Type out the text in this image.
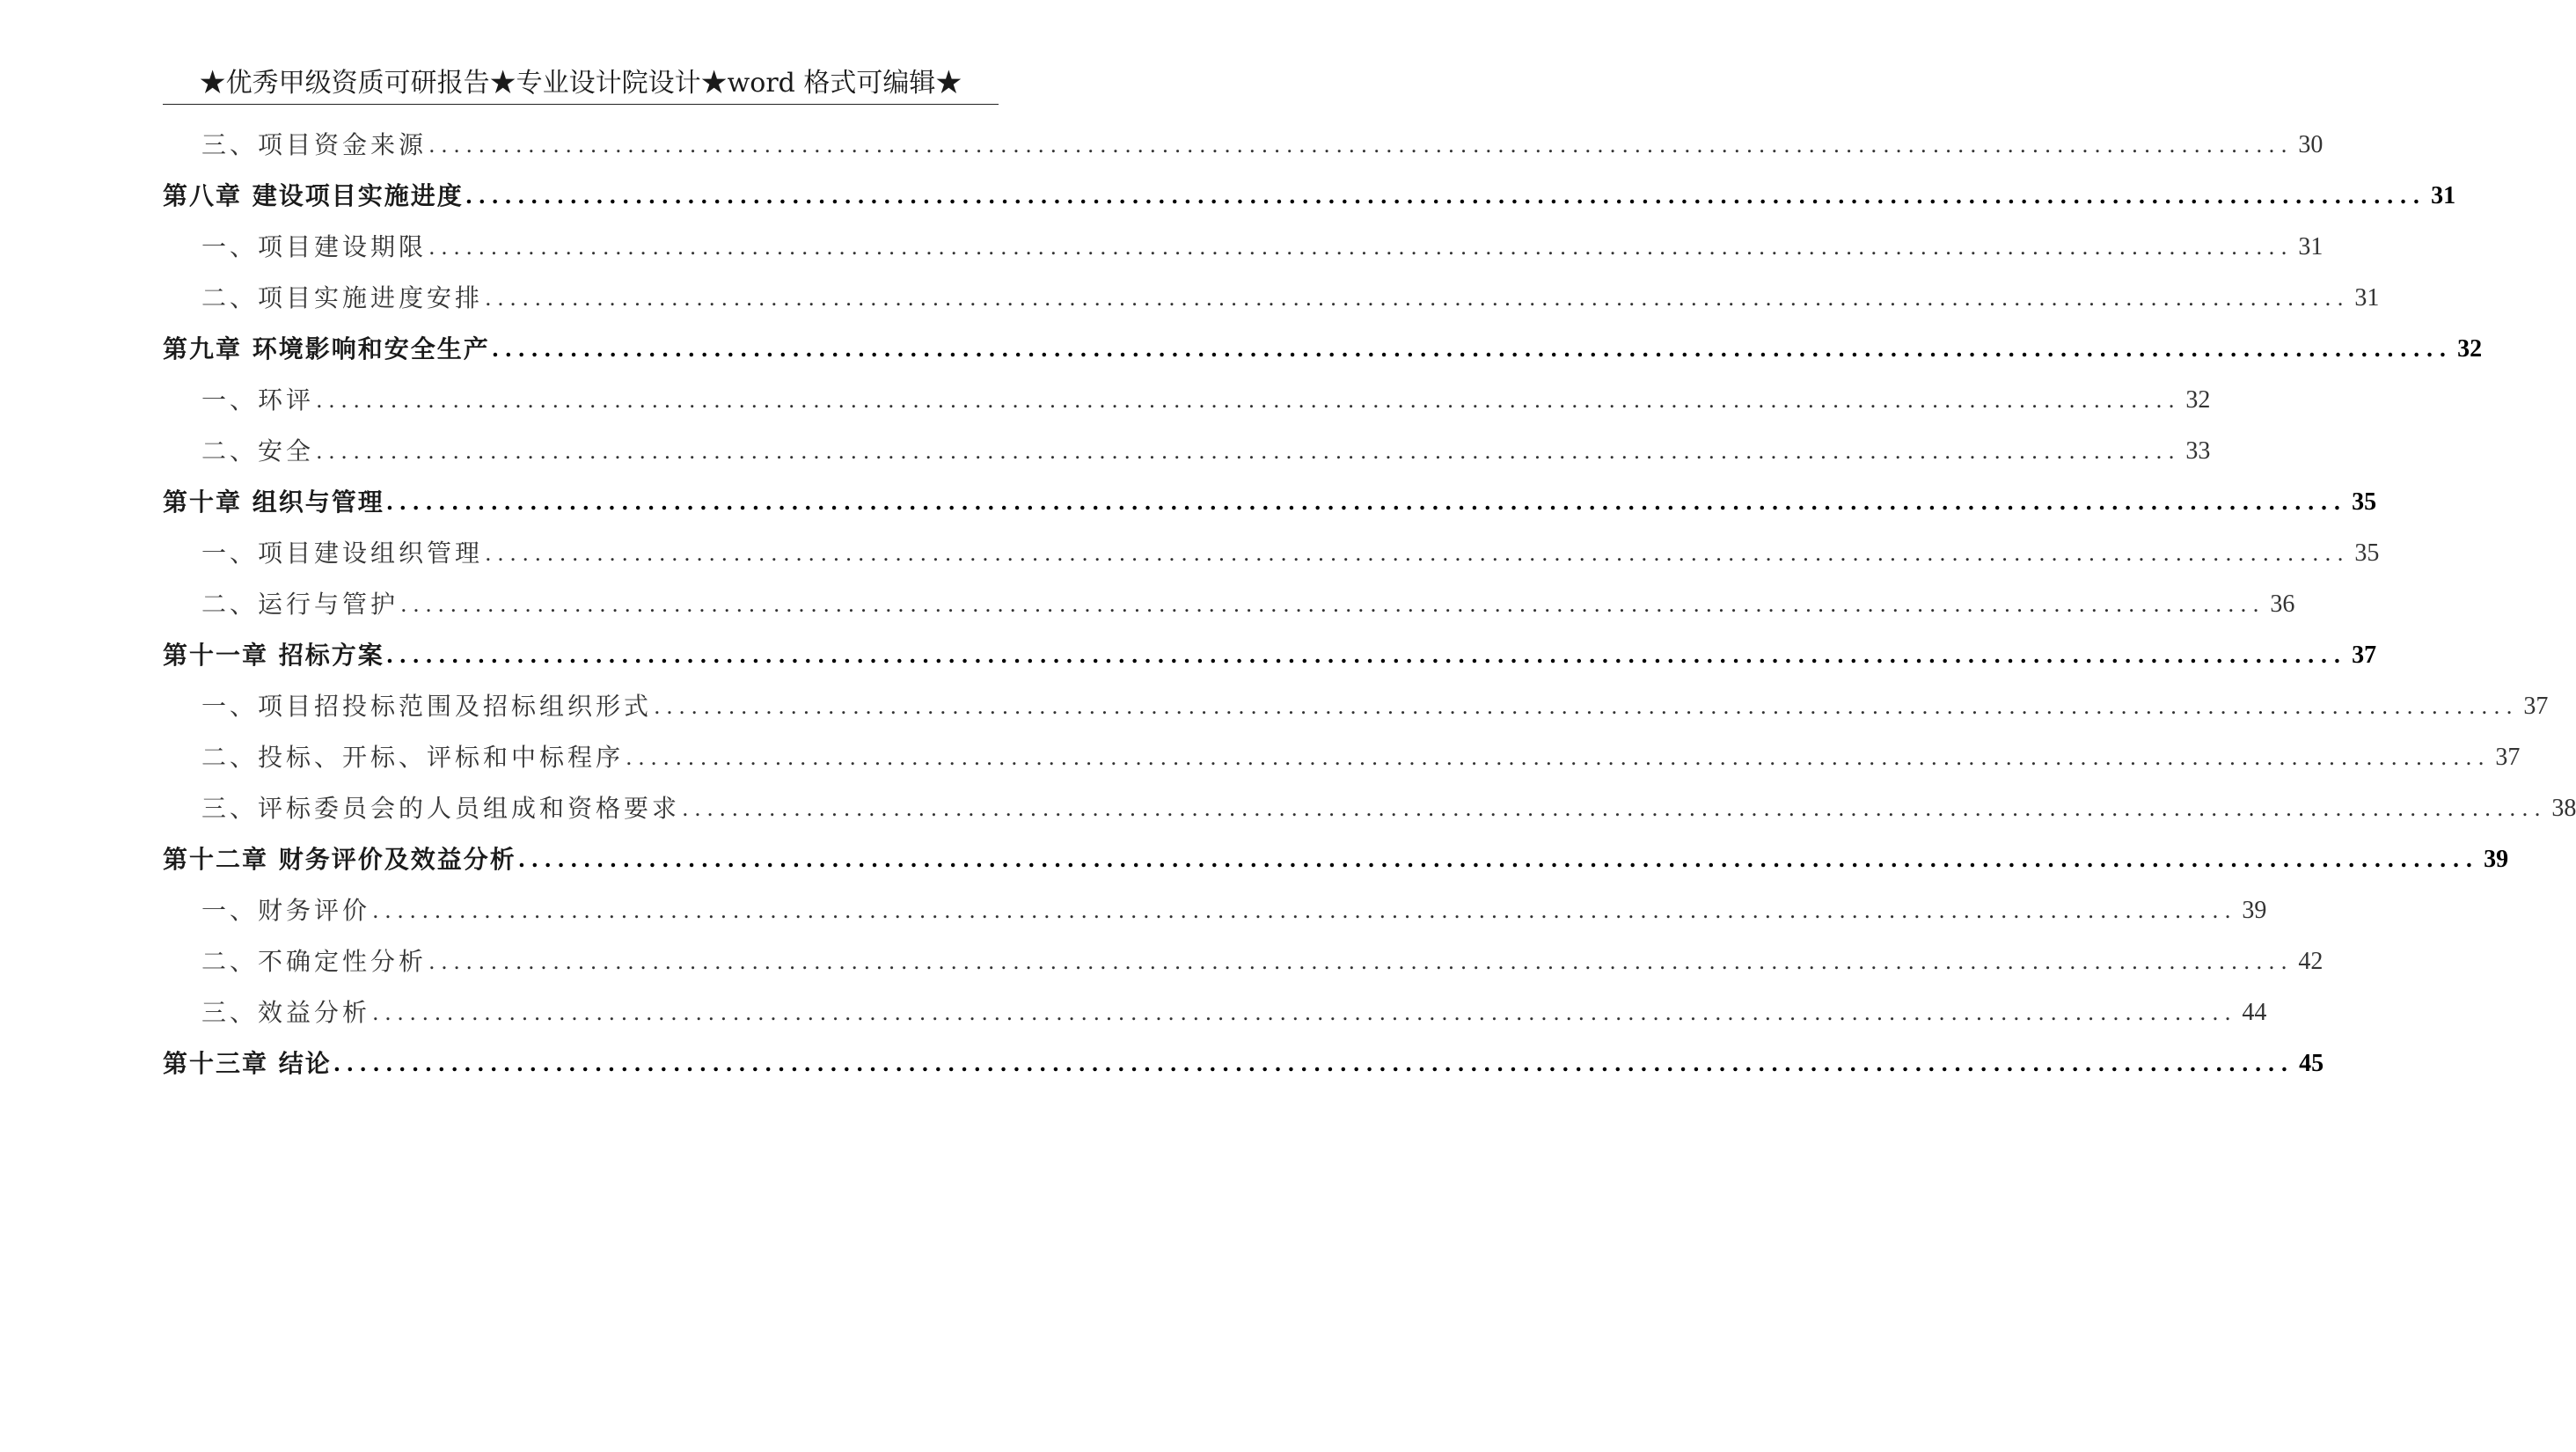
★优秀甲级资质可研报告★专业设计院设计★word 格式可编辑★
三、项目资金来源 ...................................................................................................................................................... 30
第八章 建设项目实施进度 ...................................................................................................................................................... 31
一、项目建设期限 ...................................................................................................................................................... 31
二、项目实施进度安排 ...................................................................................................................................................... 31
第九章 环境影响和安全生产 ...................................................................................................................................................... 32
一、环评 ...................................................................................................................................................... 32
二、安全 ...................................................................................................................................................... 33
第十章 组织与管理 ...................................................................................................................................................... 35
一、项目建设组织管理 ...................................................................................................................................................... 35
二、运行与管护 ...................................................................................................................................................... 36
第十一章 招标方案 ...................................................................................................................................................... 37
一、项目招投标范围及招标组织形式 ...................................................................................................................................................... 37
二、投标、开标、评标和中标程序 ...................................................................................................................................................... 37
三、评标委员会的人员组成和资格要求 ...................................................................................................................................................... 38
第十二章 财务评价及效益分析 ...................................................................................................................................................... 39
一、财务评价 ...................................................................................................................................................... 39
二、不确定性分析 ...................................................................................................................................................... 42
三、效益分析 ...................................................................................................................................................... 44
第十三章 结论 ...................................................................................................................................................... 45
